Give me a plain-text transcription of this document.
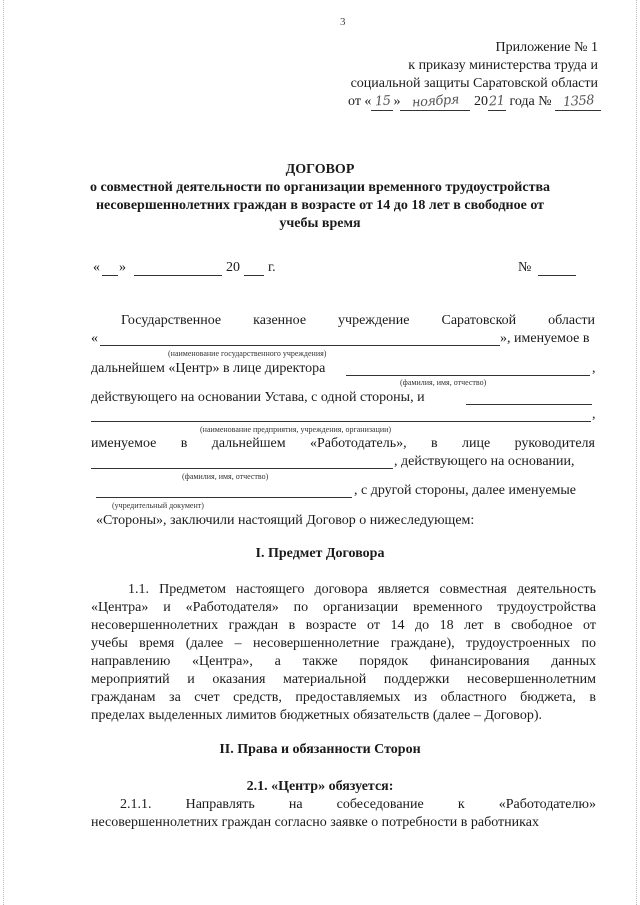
3
Приложение № 1
к приказу министерства труда и
социальной защиты Саратовской области
от « 15 » ноября 2021 года № 1358
ДОГОВОР
о совместной деятельности по организации временного трудоустройства
несовершеннолетних граждан в возрасте от 14 до 18 лет в свободное от
учебы время
« »	20 г.	№
Государственное казенное учреждение Саратовской области
«	», именуемое в
(наименование государственного учреждения)
дальнейшем «Центр» в лице директора	,
(фамилия, имя, отчество)
действующего на основании Устава, с одной стороны, и
,
(наименование предприятия, учреждения, организации)
именуемое в дальнейшем «Работодатель», в лице руководителя
, действующего на основании,
(фамилия, имя, отчество)
, с другой стороны, далее именуемые
(учредительный документ)
«Стороны», заключили настоящий Договор о нижеследующем:
I. Предмет Договора
1.1. Предметом настоящего договора является совместная деятельность
«Центра» и «Работодателя» по организации временного трудоустройства
несовершеннолетних граждан в возрасте от 14 до 18 лет в свободное от
учебы время (далее – несовершеннолетние граждане), трудоустроенных по
направлению «Центра», а также порядок финансирования данных
мероприятий и оказания материальной поддержки несовершеннолетним
гражданам за счет средств, предоставляемых из областного бюджета, в
пределах выделенных лимитов бюджетных обязательств (далее – Договор).
II. Права и обязанности Сторон
2.1. «Центр» обязуется:
2.1.1. Направлять на собеседование к «Работодателю»
несовершеннолетних граждан согласно заявке о потребности в работниках
